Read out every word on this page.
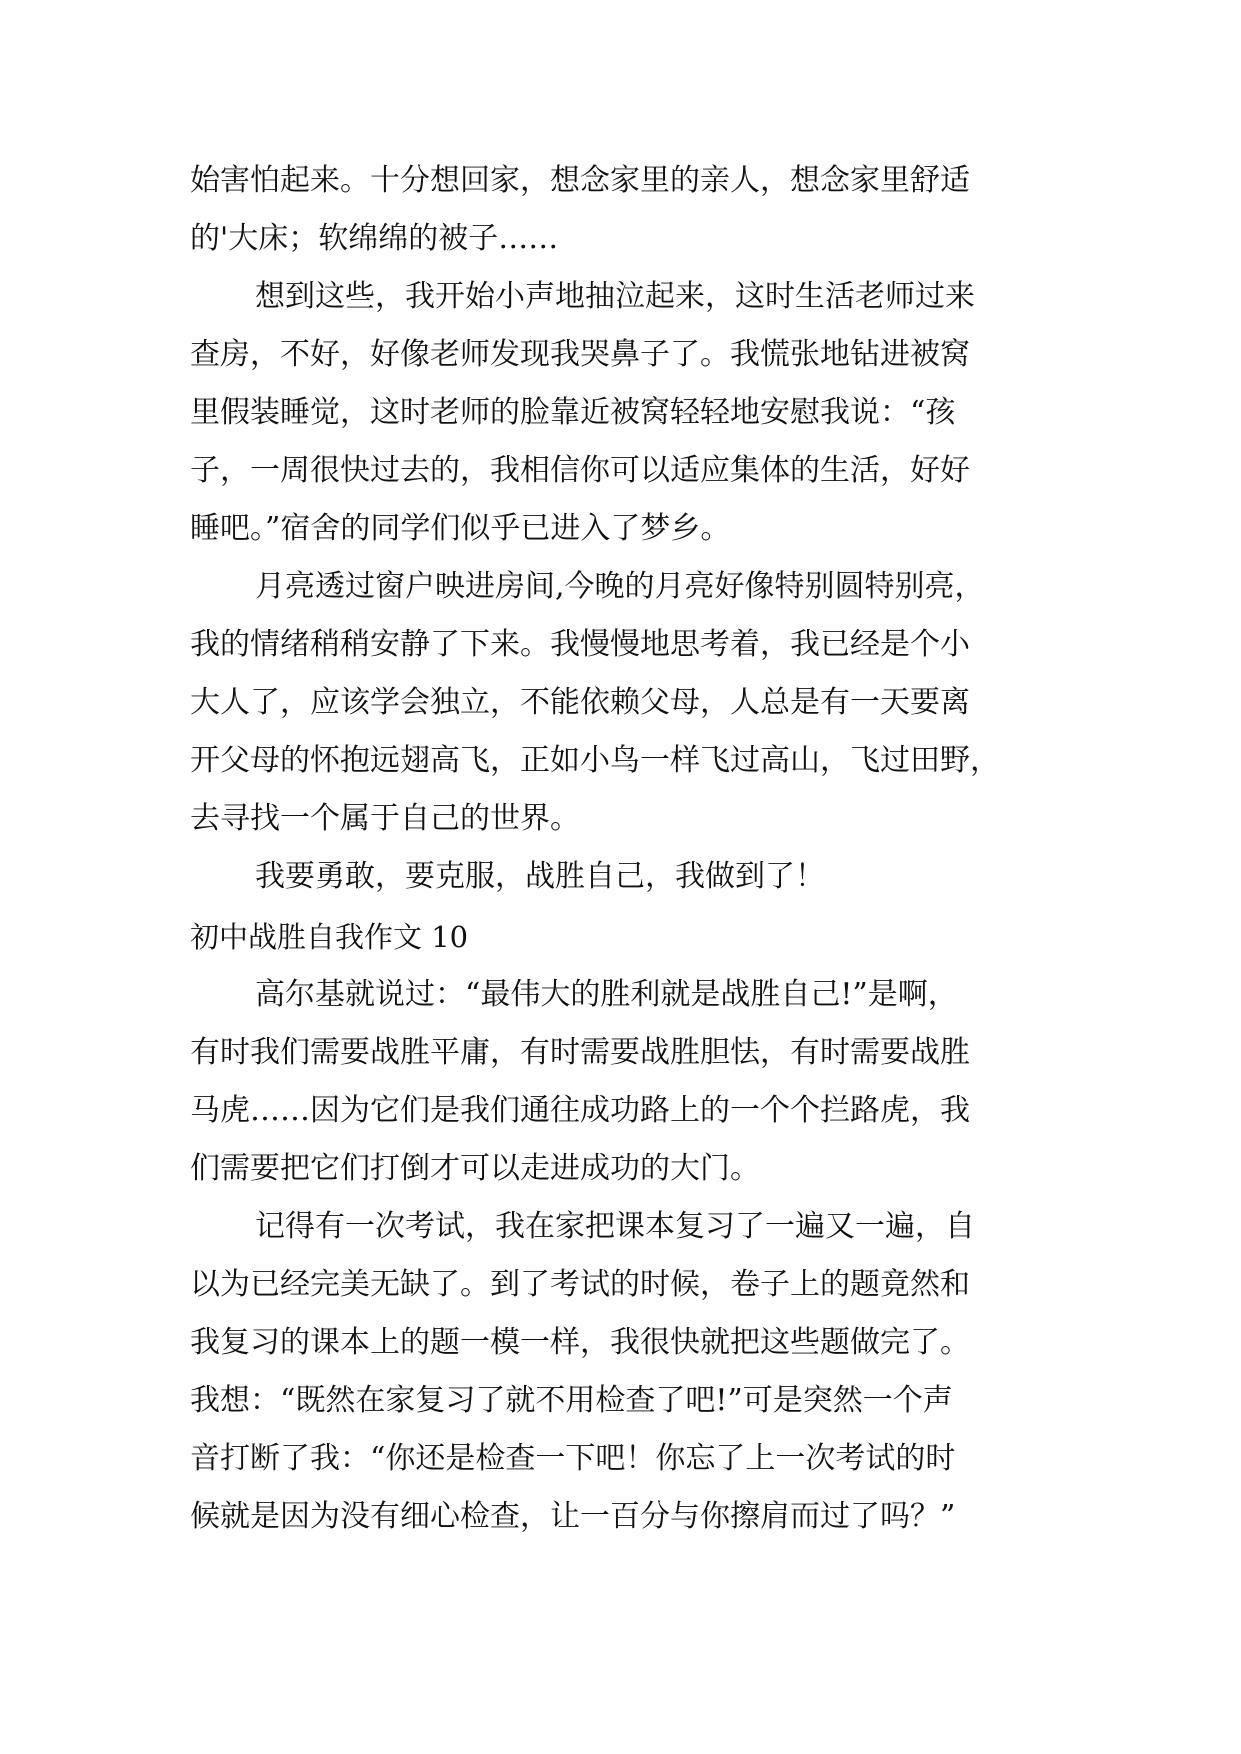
始害怕起来。十分想回家，想念家里的亲人，想念家里舒适

的'大床；软绵绵的被子……

想到这些，我开始小声地抽泣起来，这时生活老师过来

查房，不好，好像老师发现我哭鼻子了。我慌张地钻进被窝

里假装睡觉，这时老师的脸靠近被窝轻轻地安慰我说：“孩

子，一周很快过去的，我相信你可以适应集体的生活，好好

睡吧。”宿舍的同学们似乎已进入了梦乡。

月亮透过窗户映进房间,今晚的月亮好像特别圆特别亮，

我的情绪稍稍安静了下来。我慢慢地思考着，我已经是个小

大人了，应该学会独立，不能依赖父母，人总是有一天要离

开父母的怀抱远翅高飞，正如小鸟一样飞过高山，飞过田野，

去寻找一个属于自己的世界。

我要勇敢，要克服，战胜自己，我做到了！

初中战胜自我作文 10

高尔基就说过：“最伟大的胜利就是战胜自己!”是啊，

有时我们需要战胜平庸，有时需要战胜胆怯，有时需要战胜

马虎……因为它们是我们通往成功路上的一个个拦路虎，我

们需要把它们打倒才可以走进成功的大门。

记得有一次考试，我在家把课本复习了一遍又一遍，自

以为已经完美无缺了。到了考试的时候，卷子上的题竟然和

我复习的课本上的题一模一样，我很快就把这些题做完了。

我想：“既然在家复习了就不用检查了吧!”可是突然一个声

音打断了我：“你还是检查一下吧！你忘了上一次考试的时

候就是因为没有细心检查，让一百分与你擦肩而过了吗？”
